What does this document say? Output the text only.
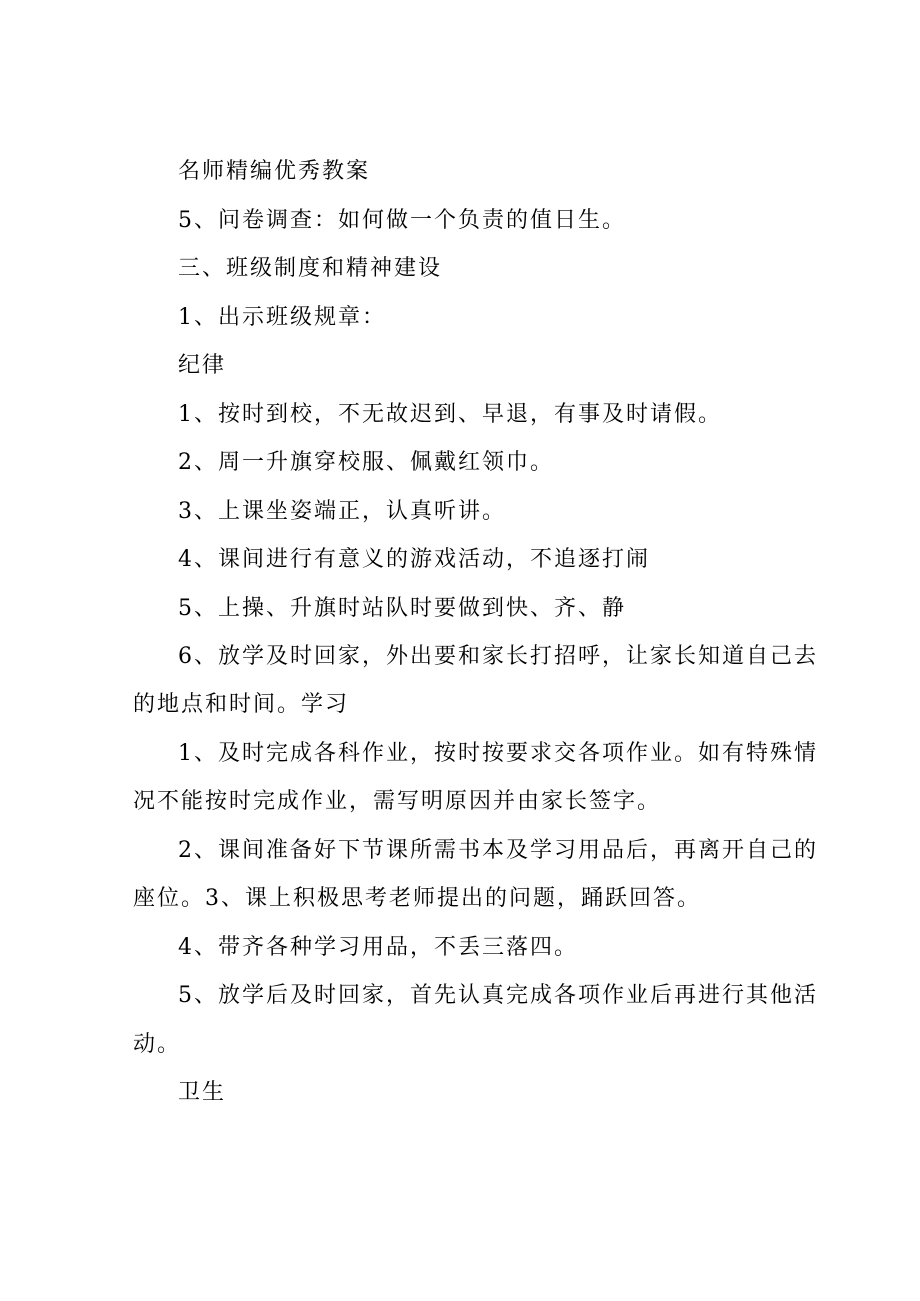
名师精编优秀教案
5、问卷调查：如何做一个负责的值日生。
三、班级制度和精神建设
1、出示班级规章：
纪律
1、按时到校，不无故迟到、早退，有事及时请假。
2、周一升旗穿校服、佩戴红领巾。
3、上课坐姿端正，认真听讲。
4、课间进行有意义的游戏活动，不追逐打闹
5、上操、升旗时站队时要做到快、齐、静
6、放学及时回家，外出要和家长打招呼，让家长知道自己去
的地点和时间。学习
1、及时完成各科作业，按时按要求交各项作业。如有特殊情
况不能按时完成作业，需写明原因并由家长签字。
2、课间准备好下节课所需书本及学习用品后，再离开自己的
座位。3、课上积极思考老师提出的问题，踊跃回答。
4、带齐各种学习用品，不丢三落四。
5、放学后及时回家，首先认真完成各项作业后再进行其他活
动。
卫生
